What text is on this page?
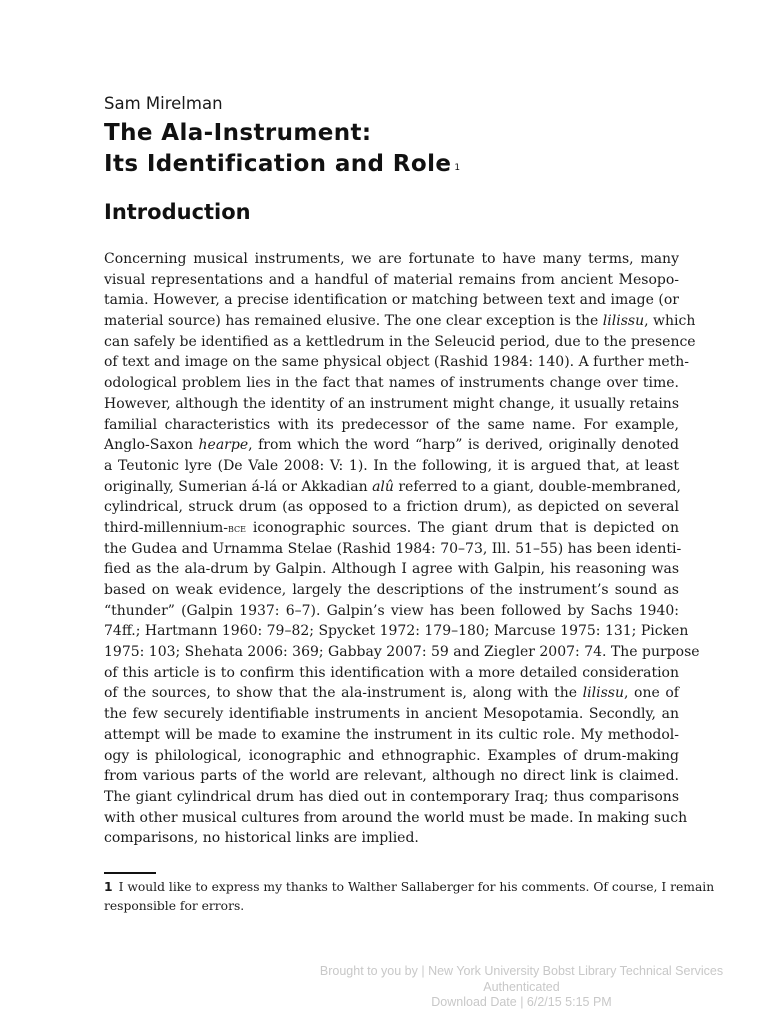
Sam Mirelman
The Ala-Instrument:
Its Identification and Role $^1$
Introduction
Concerning musical instruments, we are fortunate to have many terms, many
visual representations and a handful of material remains from ancient Mesopo-
tamia. However, a precise identification or matching between text and image (or
material source) has remained elusive. The one clear exception is the lilissu, which
can safely be identified as a kettledrum in the Seleucid period, due to the presence
of text and image on the same physical object (Rashid 1984: 140). A further meth-
odological problem lies in the fact that names of instruments change over time.
However, although the identity of an instrument might change, it usually retains
familial characteristics with its predecessor of the same name. For example,
Anglo-Saxon hearpe, from which the word “harp” is derived, originally denoted
a Teutonic lyre (De Vale 2008: V: 1). In the following, it is argued that, at least
originally, Sumerian á-lá or Akkadian alû referred to a giant, double-membraned,
cylindrical, struck drum (as opposed to a friction drum), as depicted on several
third-millennium-bce iconographic sources. The giant drum that is depicted on
the Gudea and Urnamma Stelae (Rashid 1984: 70–73, Ill. 51–55) has been identi-
fied as the ala-drum by Galpin. Although I agree with Galpin, his reasoning was
based on weak evidence, largely the descriptions of the instrument’s sound as
“thunder” (Galpin 1937: 6–7). Galpin’s view has been followed by Sachs 1940:
74ff.; Hartmann 1960: 79–82; Spycket 1972: 179–180; Marcuse 1975: 131; Picken
1975: 103; Shehata 2006: 369; Gabbay 2007: 59 and Ziegler 2007: 74. The purpose
of this article is to confirm this identification with a more detailed consideration
of the sources, to show that the ala-instrument is, along with the lilissu, one of
the few securely identifiable instruments in ancient Mesopotamia. Secondly, an
attempt will be made to examine the instrument in its cultic role. My methodol-
ogy is philological, iconographic and ethnographic. Examples of drum-making
from various parts of the world are relevant, although no direct link is claimed.
The giant cylindrical drum has died out in contemporary Iraq; thus comparisons
with other musical cultures from around the world must be made. In making such
comparisons, no historical links are implied.
1 I would like to express my thanks to Walther Sallaberger for his comments. Of course, I remain
responsible for errors.
Brought to you by | New York University Bobst Library Technical Services
Authenticated
Download Date | 6/2/15 5:15 PM
